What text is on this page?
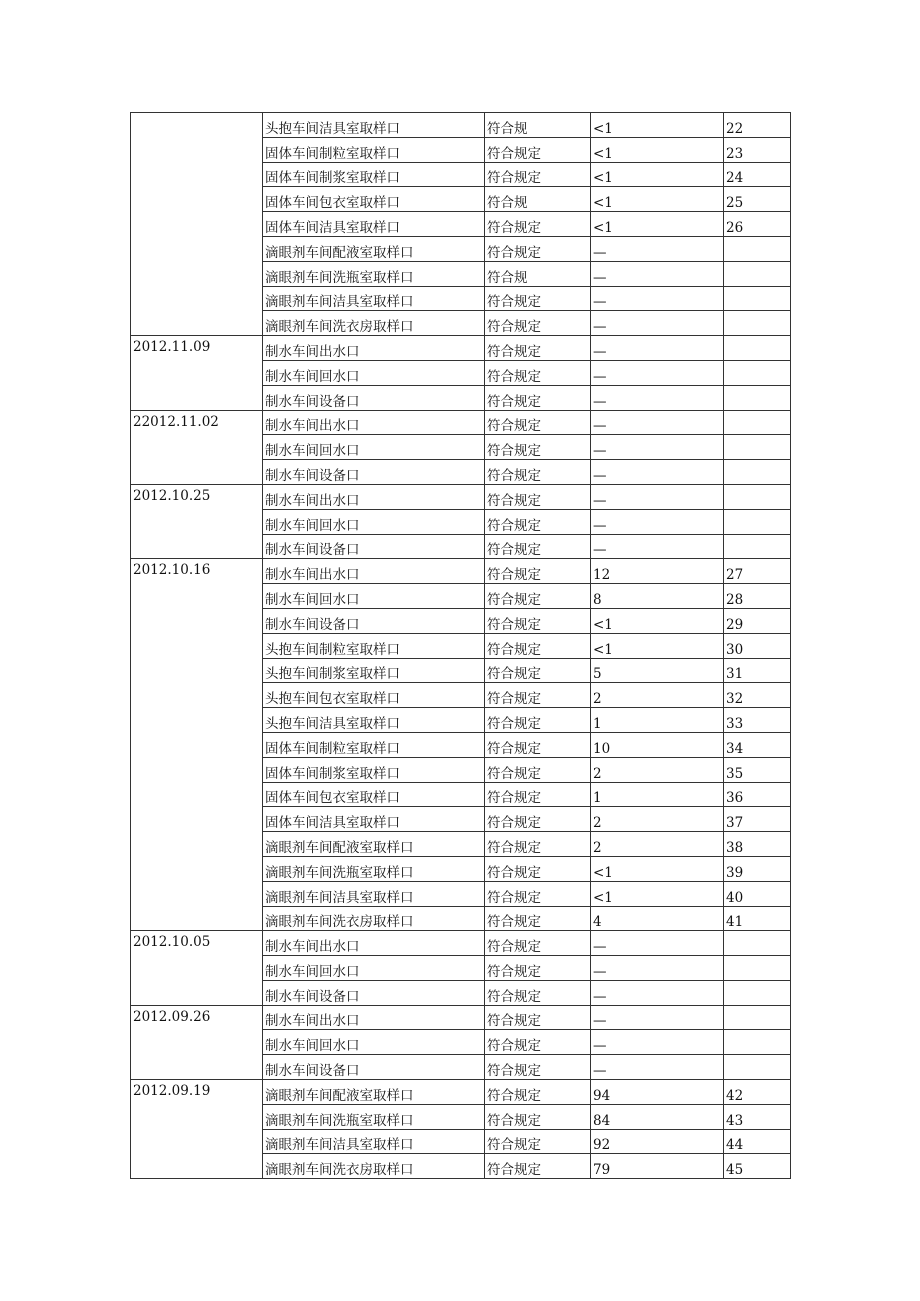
	头抱车间洁具室取样口	符合规	<1	22
	固体车间制粒室取样口	符合规定	<1	23
	固体车间制浆室取样口	符合规定	<1	24
	固体车间包衣室取样口	符合规	<1	25
	固体车间洁具室取样口	符合规定	<1	26
	滴眼剂车间配液室取样口	符合规定	—	
	滴眼剂车间洗瓶室取样口	符合规	—	
	滴眼剂车间洁具室取样口	符合规定	—	
	滴眼剂车间洗衣房取样口	符合规定	—	
2012.11.09	制水车间出水口	符合规定	—	
	制水车间回水口	符合规定	—	
	制水车间设备口	符合规定	—	
22012.11.02	制水车间出水口	符合规定	—	
	制水车间回水口	符合规定	—	
	制水车间设备口	符合规定	—	
2012.10.25	制水车间出水口	符合规定	—	
	制水车间回水口	符合规定	—	
	制水车间设备口	符合规定	—	
2012.10.16	制水车间出水口	符合规定	12	27
	制水车间回水口	符合规定	8	28
	制水车间设备口	符合规定	<1	29
	头抱车间制粒室取样口	符合规定	<1	30
	头抱车间制浆室取样口	符合规定	5	31
	头抱车间包衣室取样口	符合规定	2	32
	头抱车间洁具室取样口	符合规定	1	33
	固体车间制粒室取样口	符合规定	10	34
	固体车间制浆室取样口	符合规定	2	35
	固体车间包衣室取样口	符合规定	1	36
	固体车间洁具室取样口	符合规定	2	37
	滴眼剂车间配液室取样口	符合规定	2	38
	滴眼剂车间洗瓶室取样口	符合规定	<1	39
	滴眼剂车间洁具室取样口	符合规定	<1	40
	滴眼剂车间洗衣房取样口	符合规定	4	41
2012.10.05	制水车间出水口	符合规定	—	
	制水车间回水口	符合规定	—	
	制水车间设备口	符合规定	—	
2012.09.26	制水车间出水口	符合规定	—	
	制水车间回水口	符合规定	—	
	制水车间设备口	符合规定	—	
2012.09.19	滴眼剂车间配液室取样口	符合规定	94	42
	滴眼剂车间洗瓶室取样口	符合规定	84	43
	滴眼剂车间洁具室取样口	符合规定	92	44
	滴眼剂车间洗衣房取样口	符合规定	79	45
